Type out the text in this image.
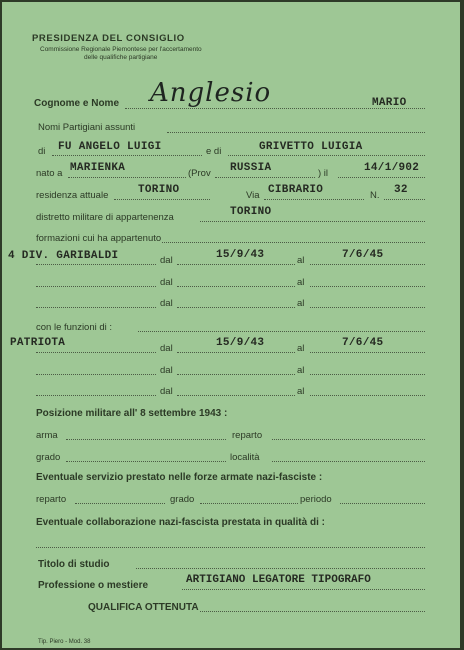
PRESIDENZA DEL CONSIGLIO
Commissione Regionale Piemontese per l'accertamento
delle qualifiche partigiane
Cognome e Nome Anglesio	MARIO
Nomi Partigiani assunti
di FU ANGELO LUIGI	e di	GRIVETTO LUIGIA
nato a MARIENKA	(Prov RUSSIA	) il	14/1/902
residenza attuale	TORINO	Via CIBRARIO	N. 32
distretto militare di appartenenza	TORINO
formazioni cui ha appartenuto
4 DIV. GARIBALDI	dal	15/9/43	al	7/6/45
dal	al
dal	al
con le funzioni di :
PATRIOTA	dal	15/9/43	al	7/6/45
dal	al
dal	al
Posizione militare all' 8 settembre 1943 :
arma	reparto
grado	località
Eventuale servizio prestato nelle forze armate nazi-fasciste :
reparto	grado	periodo
Eventuale collaborazione nazi-fascista prestata in qualità di :
Titolo di studio
Professione o mestiere	ARTIGIANO LEGATORE TIPOGRAFO
QUALIFICA OTTENUTA
Tip. Piero - Mod. 38
